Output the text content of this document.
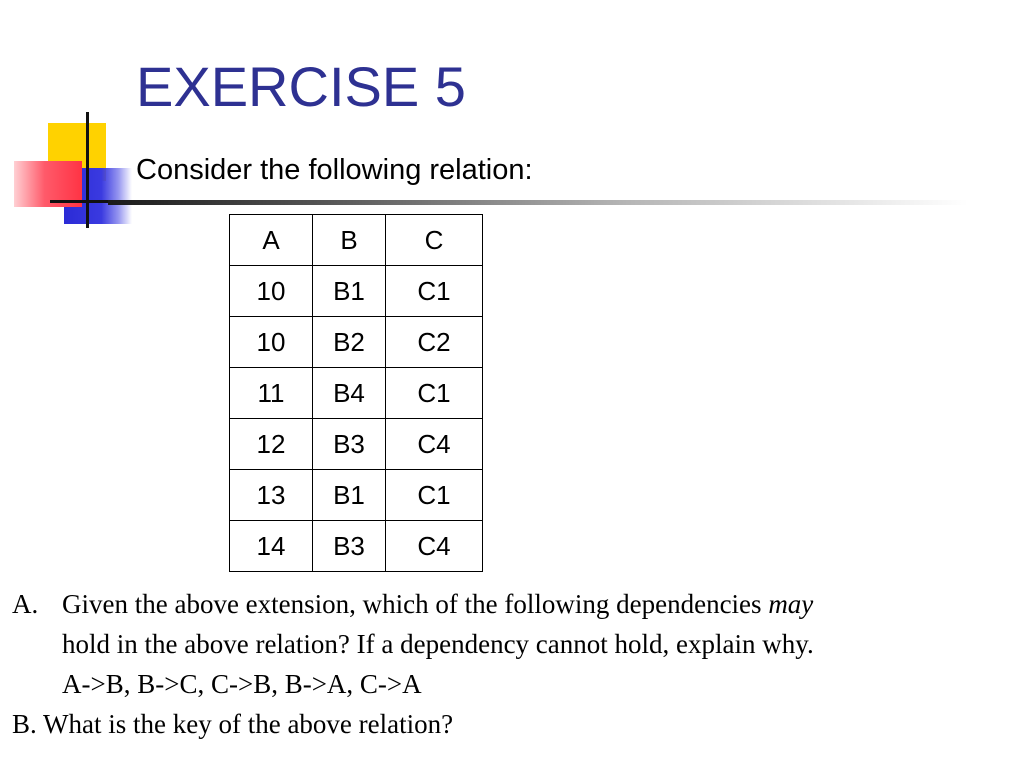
EXERCISE 5
Consider the following relation:
A	B	C
10	B1	C1
10	B2	C2
11	B4	C1
12	B3	C4
13	B1	C1
14	B3	C4
A. Given the above extension, which of the following dependencies may

hold in the above relation? If a dependency cannot hold, explain why.

A->B, B->C, C->B, B->A, C->A

B. What is the key of the above relation?
